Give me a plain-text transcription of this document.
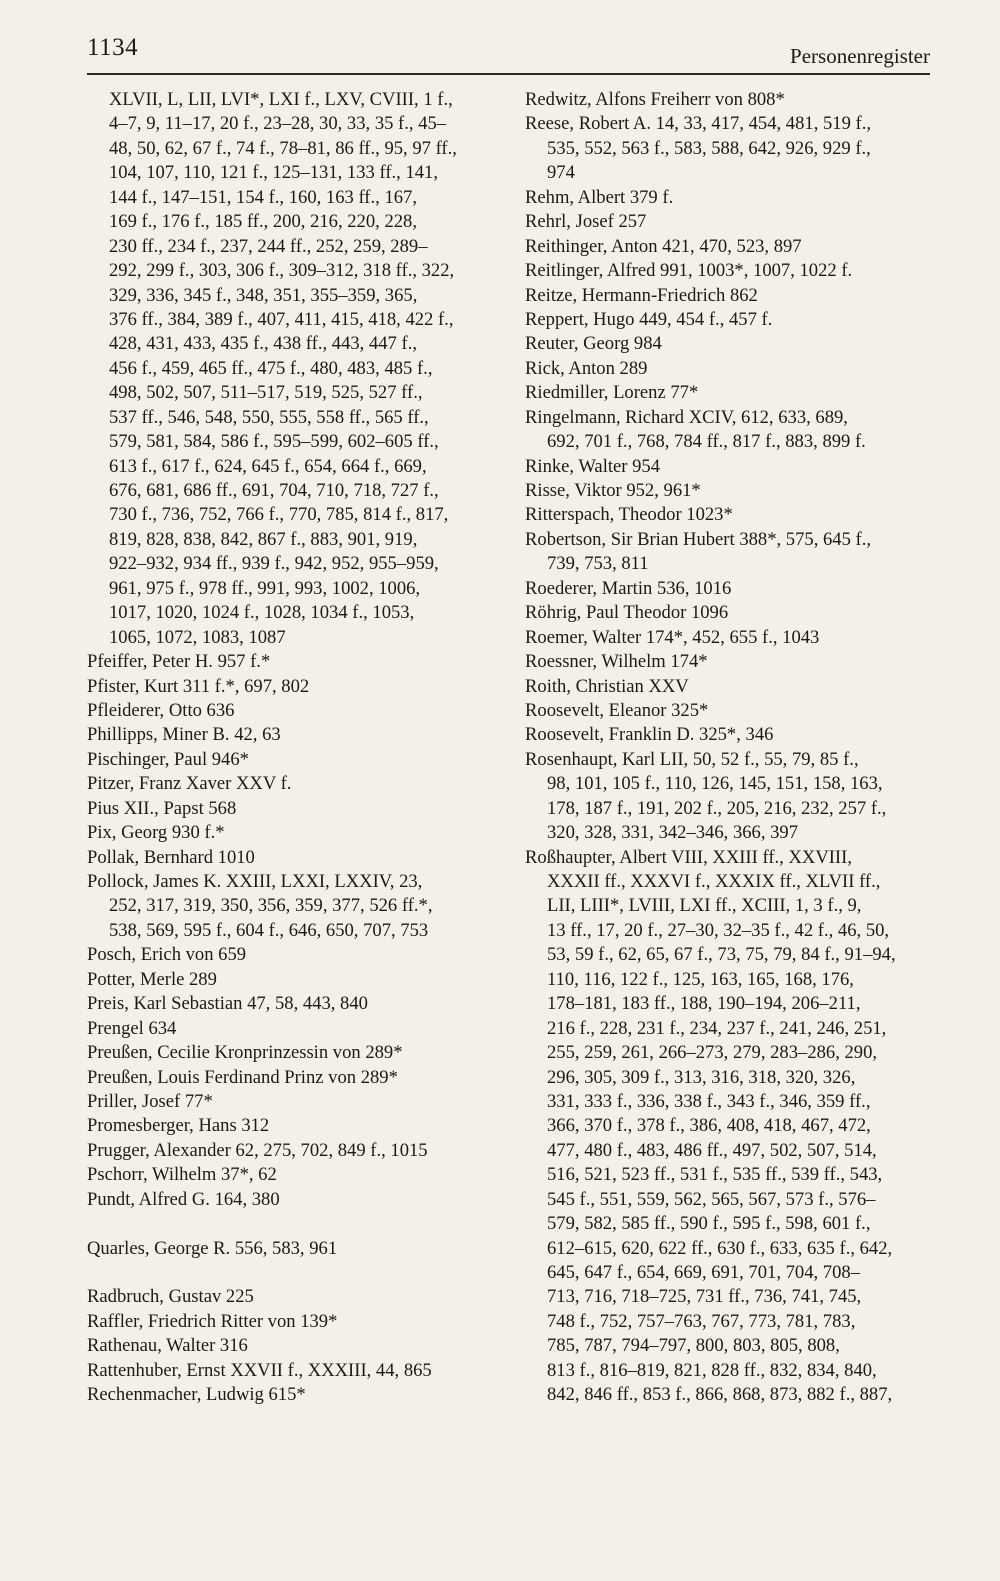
1134	Personenregister
XLVII, L, LII, LVI*, LXI f., LXV, CVIII, 1 f.,
4–7, 9, 11–17, 20 f., 23–28, 30, 33, 35 f., 45–
48, 50, 62, 67 f., 74 f., 78–81, 86 ff., 95, 97 ff.,
104, 107, 110, 121 f., 125–131, 133 ff., 141,
144 f., 147–151, 154 f., 160, 163 ff., 167,
169 f., 176 f., 185 ff., 200, 216, 220, 228,
230 ff., 234 f., 237, 244 ff., 252, 259, 289–
292, 299 f., 303, 306 f., 309–312, 318 ff., 322,
329, 336, 345 f., 348, 351, 355–359, 365,
376 ff., 384, 389 f., 407, 411, 415, 418, 422 f.,
428, 431, 433, 435 f., 438 ff., 443, 447 f.,
456 f., 459, 465 ff., 475 f., 480, 483, 485 f.,
498, 502, 507, 511–517, 519, 525, 527 ff.,
537 ff., 546, 548, 550, 555, 558 ff., 565 ff.,
579, 581, 584, 586 f., 595–599, 602–605 ff.,
613 f., 617 f., 624, 645 f., 654, 664 f., 669,
676, 681, 686 ff., 691, 704, 710, 718, 727 f.,
730 f., 736, 752, 766 f., 770, 785, 814 f., 817,
819, 828, 838, 842, 867 f., 883, 901, 919,
922–932, 934 ff., 939 f., 942, 952, 955–959,
961, 975 f., 978 ff., 991, 993, 1002, 1006,
1017, 1020, 1024 f., 1028, 1034 f., 1053,
1065, 1072, 1083, 1087
Pfeiffer, Peter H. 957 f.*
Pfister, Kurt 311 f.*, 697, 802
Pfleiderer, Otto 636
Phillipps, Miner B. 42, 63
Pischinger, Paul 946*
Pitzer, Franz Xaver XXV f.
Pius XII., Papst 568
Pix, Georg 930 f.*
Pollak, Bernhard 1010
Pollock, James K. XXIII, LXXI, LXXIV, 23,
252, 317, 319, 350, 356, 359, 377, 526 ff.*,
538, 569, 595 f., 604 f., 646, 650, 707, 753
Posch, Erich von 659
Potter, Merle 289
Preis, Karl Sebastian 47, 58, 443, 840
Prengel 634
Preußen, Cecilie Kronprinzessin von 289*
Preußen, Louis Ferdinand Prinz von 289*
Priller, Josef 77*
Promesberger, Hans 312
Prugger, Alexander 62, 275, 702, 849 f., 1015
Pschorr, Wilhelm 37*, 62
Pundt, Alfred G. 164, 380
Quarles, George R. 556, 583, 961
Radbruch, Gustav 225
Raffler, Friedrich Ritter von 139*
Rathenau, Walter 316
Rattenhuber, Ernst XXVII f., XXXIII, 44, 865
Rechenmacher, Ludwig 615*
Redwitz, Alfons Freiherr von 808*
Reese, Robert A. 14, 33, 417, 454, 481, 519 f.,
535, 552, 563 f., 583, 588, 642, 926, 929 f.,
974
Rehm, Albert 379 f.
Rehrl, Josef 257
Reithinger, Anton 421, 470, 523, 897
Reitlinger, Alfred 991, 1003*, 1007, 1022 f.
Reitze, Hermann-Friedrich 862
Reppert, Hugo 449, 454 f., 457 f.
Reuter, Georg 984
Rick, Anton 289
Riedmiller, Lorenz 77*
Ringelmann, Richard XCIV, 612, 633, 689,
692, 701 f., 768, 784 ff., 817 f., 883, 899 f.
Rinke, Walter 954
Risse, Viktor 952, 961*
Ritterspach, Theodor 1023*
Robertson, Sir Brian Hubert 388*, 575, 645 f.,
739, 753, 811
Roederer, Martin 536, 1016
Röhrig, Paul Theodor 1096
Roemer, Walter 174*, 452, 655 f., 1043
Roessner, Wilhelm 174*
Roith, Christian XXV
Roosevelt, Eleanor 325*
Roosevelt, Franklin D. 325*, 346
Rosenhaupt, Karl LII, 50, 52 f., 55, 79, 85 f.,
98, 101, 105 f., 110, 126, 145, 151, 158, 163,
178, 187 f., 191, 202 f., 205, 216, 232, 257 f.,
320, 328, 331, 342–346, 366, 397
Roßhaupter, Albert VIII, XXIII ff., XXVIII,
XXXII ff., XXXVI f., XXXIX ff., XLVII ff.,
LII, LIII*, LVIII, LXI ff., XCIII, 1, 3 f., 9,
13 ff., 17, 20 f., 27–30, 32–35 f., 42 f., 46, 50,
53, 59 f., 62, 65, 67 f., 73, 75, 79, 84 f., 91–94,
110, 116, 122 f., 125, 163, 165, 168, 176,
178–181, 183 ff., 188, 190–194, 206–211,
216 f., 228, 231 f., 234, 237 f., 241, 246, 251,
255, 259, 261, 266–273, 279, 283–286, 290,
296, 305, 309 f., 313, 316, 318, 320, 326,
331, 333 f., 336, 338 f., 343 f., 346, 359 ff.,
366, 370 f., 378 f., 386, 408, 418, 467, 472,
477, 480 f., 483, 486 ff., 497, 502, 507, 514,
516, 521, 523 ff., 531 f., 535 ff., 539 ff., 543,
545 f., 551, 559, 562, 565, 567, 573 f., 576–
579, 582, 585 ff., 590 f., 595 f., 598, 601 f.,
612–615, 620, 622 ff., 630 f., 633, 635 f., 642,
645, 647 f., 654, 669, 691, 701, 704, 708–
713, 716, 718–725, 731 ff., 736, 741, 745,
748 f., 752, 757–763, 767, 773, 781, 783,
785, 787, 794–797, 800, 803, 805, 808,
813 f., 816–819, 821, 828 ff., 832, 834, 840,
842, 846 ff., 853 f., 866, 868, 873, 882 f., 887,
